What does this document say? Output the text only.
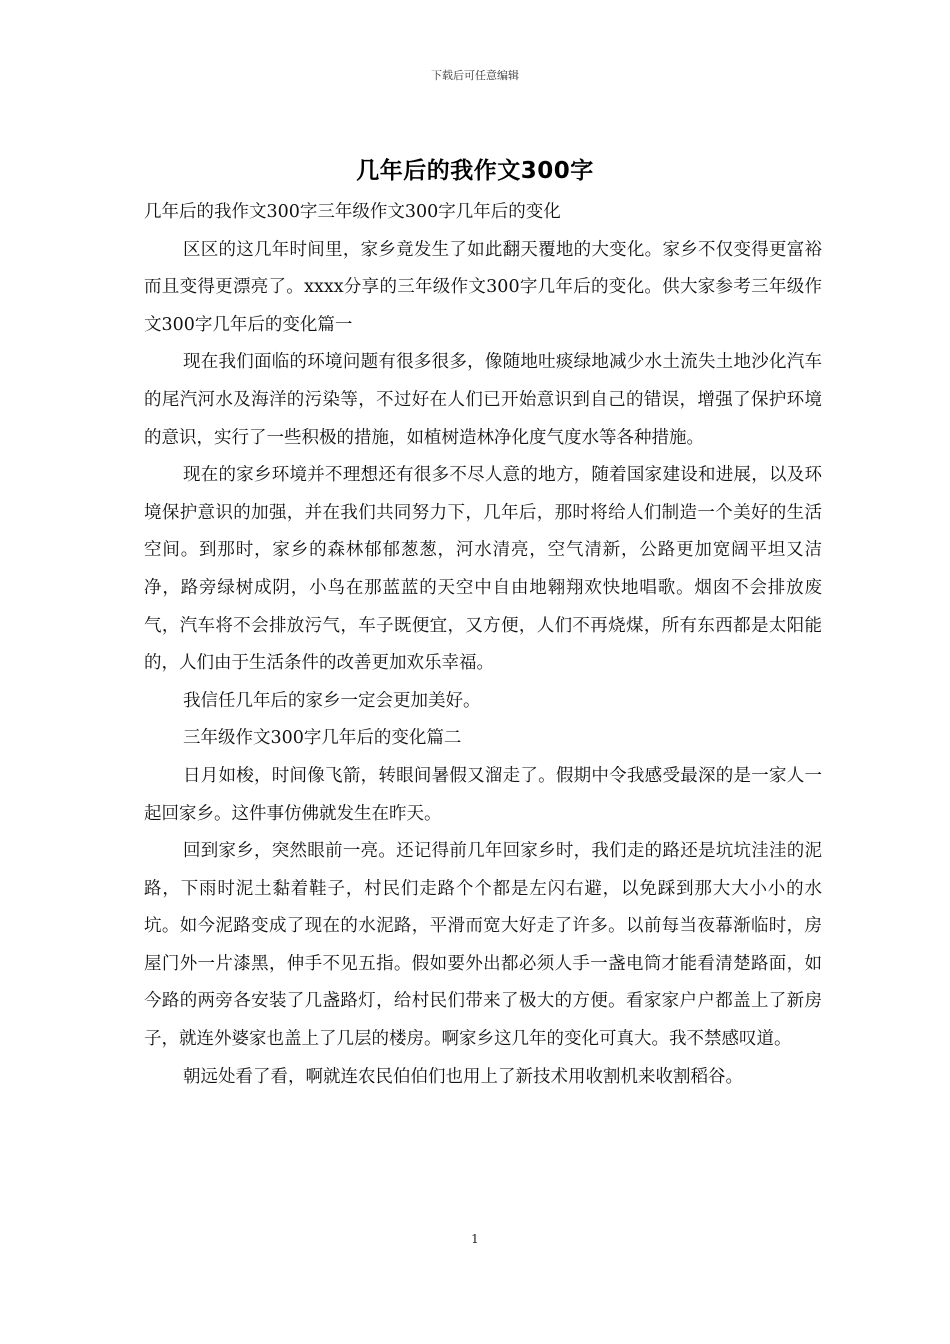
下载后可任意编辑
几年后的我作文300字

几年后的我作文300字三年级作文300字几年后的变化

区区的这几年时间里，家乡竟发生了如此翻天覆地的大变化。家乡不仅变得更富裕而且变得更漂亮了。xxxx分享的三年级作文300字几年后的变化。供大家参考三年级作文300字几年后的变化篇一

现在我们面临的环境问题有很多很多，像随地吐痰绿地减少水土流失土地沙化汽车的尾汽河水及海洋的污染等，不过好在人们已开始意识到自己的错误，增强了保护环境的意识，实行了一些积极的措施，如植树造林净化度气度水等各种措施。

现在的家乡环境并不理想还有很多不尽人意的地方，随着国家建设和进展，以及环境保护意识的加强，并在我们共同努力下，几年后，那时将给人们制造一个美好的生活空间。到那时，家乡的森林郁郁葱葱，河水清亮，空气清新，公路更加宽阔平坦又洁净，路旁绿树成阴，小鸟在那蓝蓝的天空中自由地翱翔欢快地唱歌。烟囱不会排放废气，汽车将不会排放污气，车子既便宜，又方便，人们不再烧煤，所有东西都是太阳能的，人们由于生活条件的改善更加欢乐幸福。

我信任几年后的家乡一定会更加美好。

三年级作文300字几年后的变化篇二

日月如梭，时间像飞箭，转眼间暑假又溜走了。假期中令我感受最深的是一家人一起回家乡。这件事仿佛就发生在昨天。

回到家乡，突然眼前一亮。还记得前几年回家乡时，我们走的路还是坑坑洼洼的泥路，下雨时泥土黏着鞋子，村民们走路个个都是左闪右避，以免踩到那大大小小的水坑。如今泥路变成了现在的水泥路，平滑而宽大好走了许多。以前每当夜幕渐临时，房屋门外一片漆黑，伸手不见五指。假如要外出都必须人手一盏电筒才能看清楚路面，如今路的两旁各安装了几盏路灯，给村民们带来了极大的方便。看家家户户都盖上了新房子，就连外婆家也盖上了几层的楼房。啊家乡这几年的变化可真大。我不禁感叹道。

朝远处看了看，啊就连农民伯伯们也用上了新技术用收割机来收割稻谷。

1
